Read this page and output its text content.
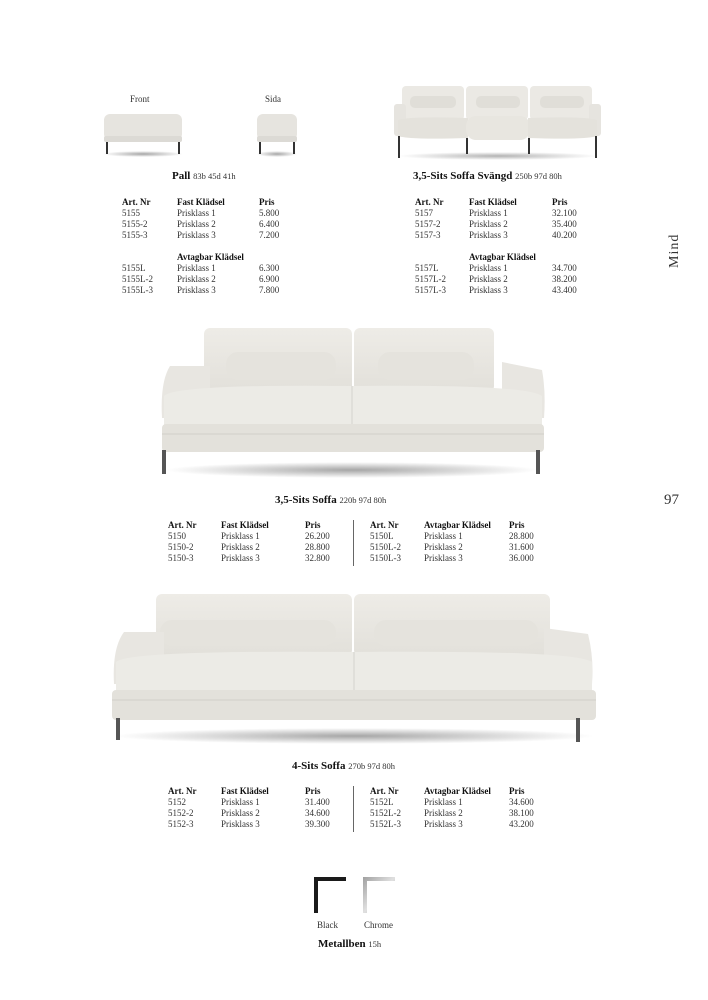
Mind
97
Front	Sida
Pall 83b 45d 41h
Art. Nr	Fast Klädsel	Pris
5155	Prisklass 1	5.800
5155-2	Prisklass 2	6.400
5155-3	Prisklass 3	7.200

	Avtagbar Klädsel	
5155L	Prisklass 1	6.300
5155L-2	Prisklass 2	6.900
5155L-3	Prisklass 3	7.800
3,5-Sits Soffa Svängd 250b 97d 80h
Art. Nr	Fast Klädsel	Pris
5157	Prisklass 1	32.100
5157-2	Prisklass 2	35.400
5157-3	Prisklass 3	40.200

	Avtagbar Klädsel	
5157L	Prisklass 1	34.700
5157L-2	Prisklass 2	38.200
5157L-3	Prisklass 3	43.400
3,5-Sits Soffa 220b 97d 80h
Art. Nr	Fast Klädsel	Pris
5150	Prisklass 1	26.200
5150-2	Prisklass 2	28.800
5150-3	Prisklass 3	32.800
Art. Nr	Avtagbar Klädsel	Pris
5150L	Prisklass 1	28.800
5150L-2	Prisklass 2	31.600
5150L-3	Prisklass 3	36.000
4-Sits Soffa 270b 97d 80h
Art. Nr	Fast Klädsel	Pris
5152	Prisklass 1	31.400
5152-2	Prisklass 2	34.600
5152-3	Prisklass 3	39.300
Art. Nr	Avtagbar Klädsel	Pris
5152L	Prisklass 1	34.600
5152L-2	Prisklass 2	38.100
5152L-3	Prisklass 3	43.200
Black	Chrome
Metallben 15h
